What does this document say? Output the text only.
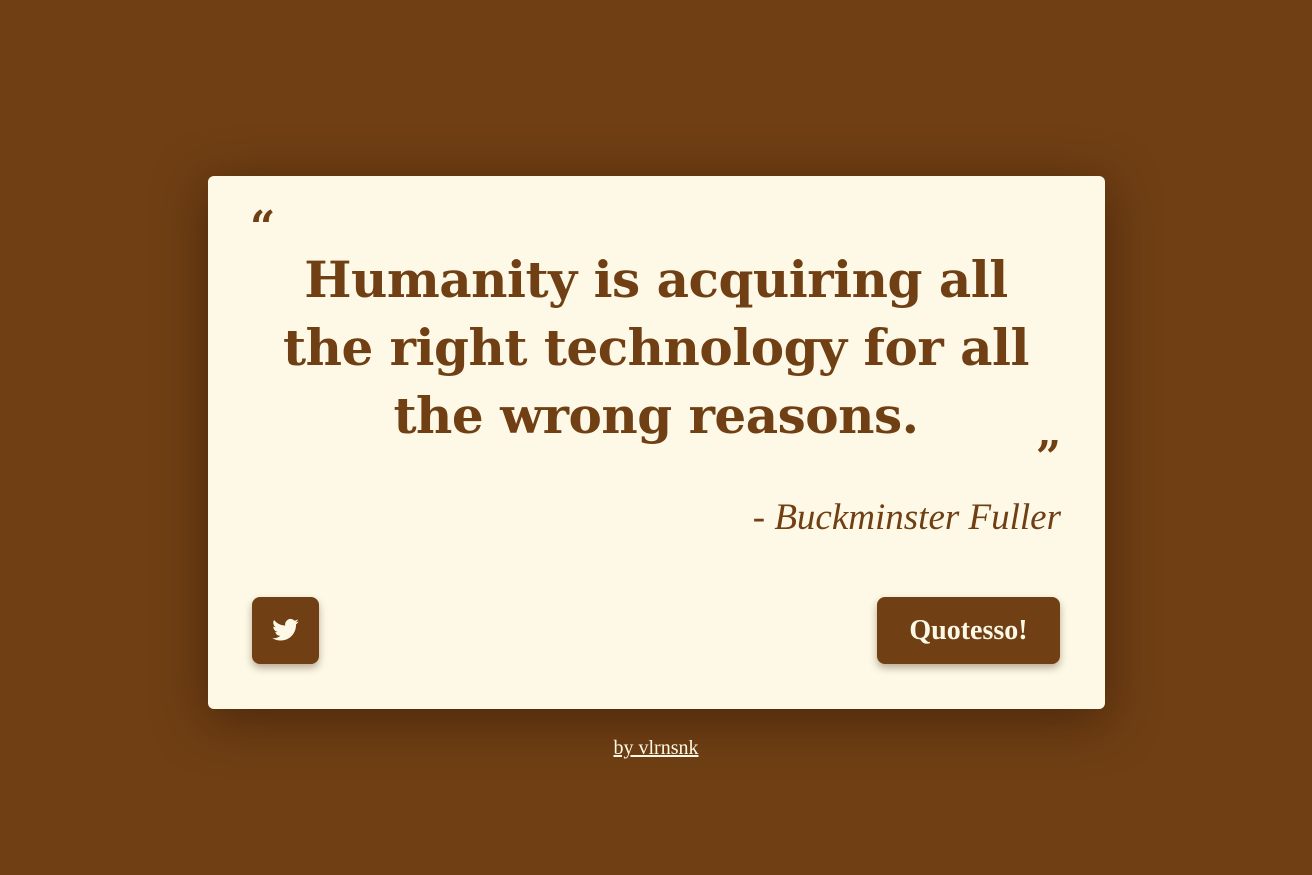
“

Humanity is acquiring all the right technology for all the wrong reasons.

”

- Buckminster Fuller

Quotesso!
by vlrnsnk
